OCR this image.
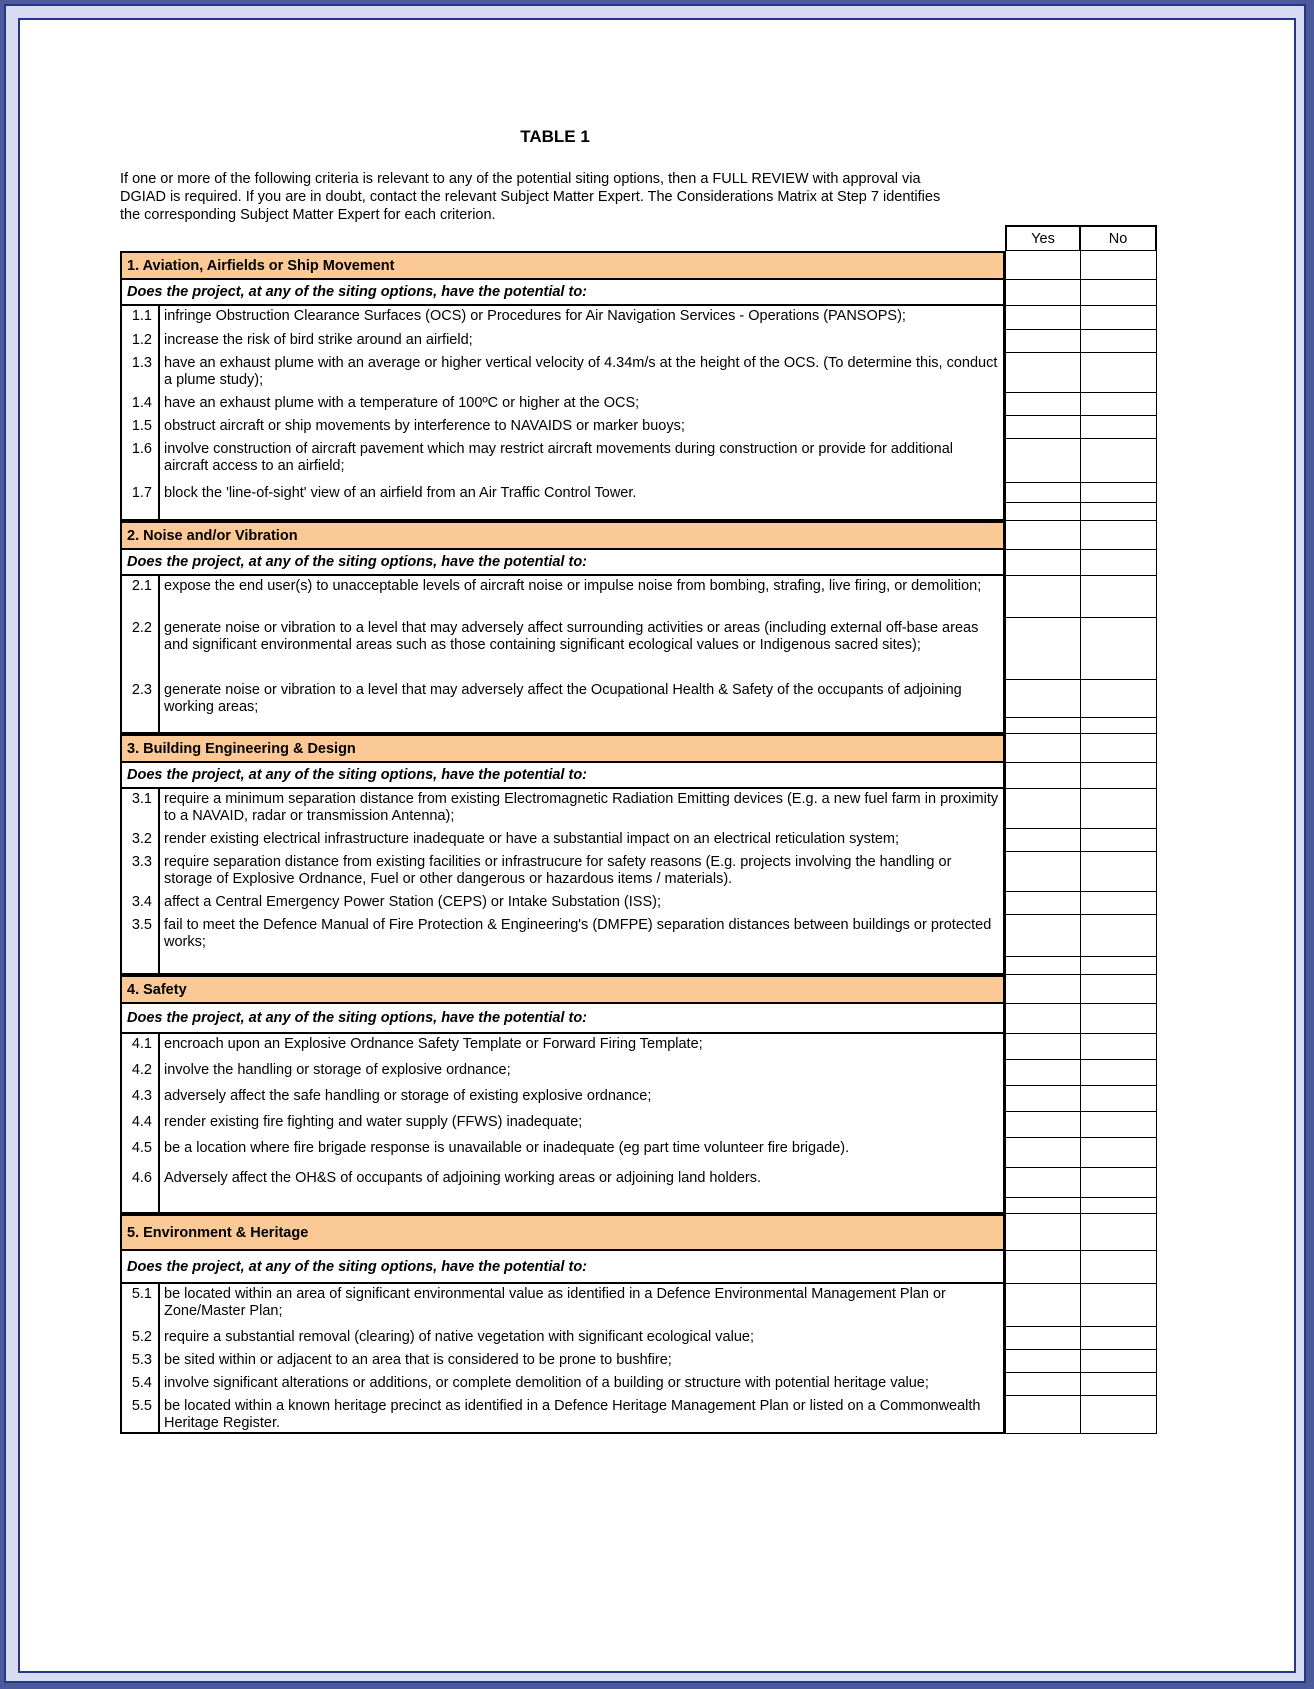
TABLE 1
If one or more of the following criteria is relevant to any of the potential siting options, then a FULL REVIEW with approval via DGIAD is required. If you are in doubt, contact the relevant Subject Matter Expert. The Considerations Matrix at Step 7 identifies the corresponding Subject Matter Expert for each criterion.
Yes	No
1. Aviation, Airfields or Ship Movement
Does the project, at any of the siting options, have the potential to:
1.1 infringe Obstruction Clearance Surfaces (OCS) or Procedures for Air Navigation Services - Operations (PANSOPS);
1.2 increase the risk of bird strike around an airfield;
1.3 have an exhaust plume with an average or higher vertical velocity of 4.34m/s at the height of the OCS. (To determine this, conduct a plume study);
1.4 have an exhaust plume with a temperature of 100ºC or higher at the OCS;
1.5 obstruct aircraft or ship movements by interference to NAVAIDS or marker buoys;
1.6 involve construction of aircraft pavement which may restrict aircraft movements during construction or provide for additional aircraft access to an airfield;
1.7 block the 'line-of-sight' view of an airfield from an Air Traffic Control Tower.
2. Noise and/or Vibration
Does the project, at any of the siting options, have the potential to:
2.1 expose the end user(s) to unacceptable levels of aircraft noise or impulse noise from bombing, strafing, live firing, or demolition;
2.2 generate noise or vibration to a level that may adversely affect surrounding activities or areas (including external off-base areas and significant environmental areas such as those containing significant ecological values or Indigenous sacred sites);
2.3 generate noise or vibration to a level that may adversely affect the Ocupational Health & Safety of the occupants of adjoining working areas;
3. Building Engineering & Design
Does the project, at any of the siting options, have the potential to:
3.1 require a minimum separation distance from existing Electromagnetic Radiation Emitting devices (E.g. a new fuel farm in proximity to a NAVAID, radar or transmission Antenna);
3.2 render existing electrical infrastructure inadequate or have a substantial impact on an electrical reticulation system;
3.3 require separation distance from existing facilities or infrastrucure for safety reasons (E.g. projects involving the handling or storage of Explosive Ordnance, Fuel or other dangerous or hazardous items / materials).
3.4 affect a Central Emergency Power Station (CEPS) or Intake Substation (ISS);
3.5 fail to meet the Defence Manual of Fire Protection & Engineering's (DMFPE) separation distances between buildings or protected works;
4. Safety
Does the project, at any of the siting options, have the potential to:
4.1 encroach upon an Explosive Ordnance Safety Template or Forward Firing Template;
4.2 involve the handling or storage of explosive ordnance;
4.3 adversely affect the safe handling or storage of existing explosive ordnance;
4.4 render existing fire fighting and water supply (FFWS) inadequate;
4.5 be a location where fire brigade response is unavailable or inadequate (eg part time volunteer fire brigade).
4.6 Adversely affect the OH&S of occupants of adjoining working areas or adjoining land holders.
5. Environment & Heritage
Does the project, at any of the siting options, have the potential to:
5.1 be located within an area of significant environmental value as identified in a Defence Environmental Management Plan or Zone/Master Plan;
5.2 require a substantial removal (clearing) of native vegetation with significant ecological value;
5.3 be sited within or adjacent to an area that is considered to be prone to bushfire;
5.4 involve significant alterations or additions, or complete demolition of a building or structure with potential heritage value;
5.5 be located within a known heritage precinct as identified in a Defence Heritage Management Plan or listed on a Commonwealth Heritage Register.
